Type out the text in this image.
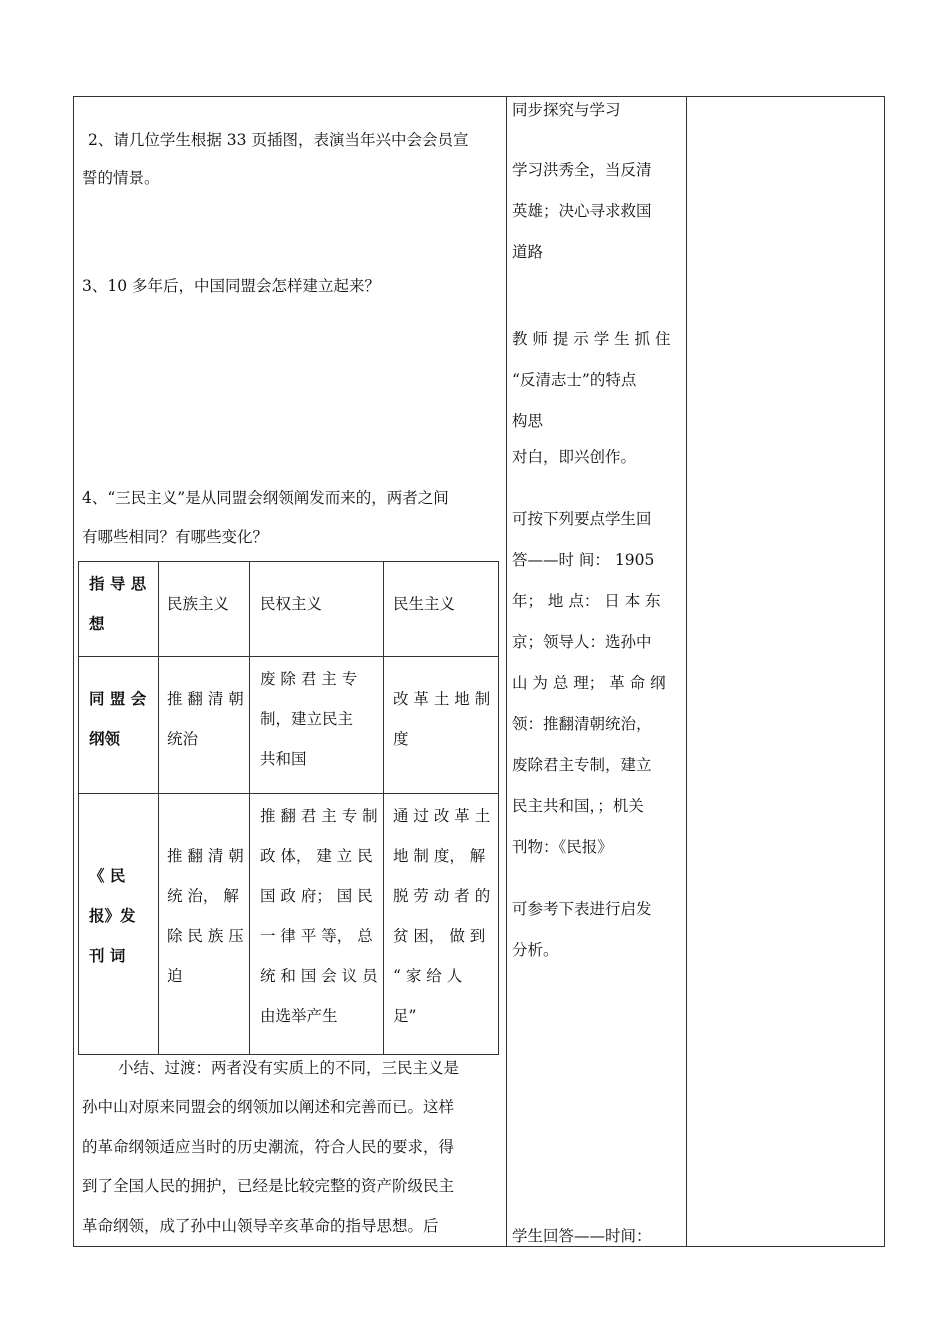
2、请几位学生根据 33 页插图，表演当年兴中会会员宣
誓的情景。
3、10 多年后，中国同盟会怎样建立起来？
4、“三民主义”是从同盟会纲领阐发而来的，两者之间
有哪些相同？有哪些变化？
指 导 思
想
民族主义 民权主义	民生主义
同 盟 会
纲领
推 翻 清 朝
统治
废 除 君 主 专
制，建立民主
共和国
改 革 土 地 制
度
《 民
报》发
刊 词
推 翻 清 朝
统 治， 解
除 民 族 压
迫
推 翻 君 主 专 制
政 体， 建 立 民
国 政 府； 国 民
一 律 平 等， 总
统 和 国 会 议 员
由选举产生
通 过 改 革 土
地 制 度， 解
脱 劳 动 者 的
贫 困， 做 到
“ 家 给 人
足”
小结、过渡：两者没有实质上的不同，三民主义是
孙中山对原来同盟会的纲领加以阐述和完善而已。这样
的革命纲领适应当时的历史潮流，符合人民的要求，得
到了全国人民的拥护，已经是比较完整的资产阶级民主
革命纲领，成了孙中山领导辛亥革命的指导思想。后
同步探究与学习
学习洪秀全，当反清
英雄；决心寻求救国
道路
教 师 提 示 学 生 抓 住
“反清志士”的特点
构思
对白，即兴创作。
可按下列要点学生回
答——时 间： 1905
年； 地 点： 日 本 东
京；领导人：选孙中
山 为 总 理； 革 命 纲
领：推翻清朝统治，
废除君主专制，建立
民主共和国，；机关
刊物：《民报》
可参考下表进行启发
分析。
学生回答——时间：
